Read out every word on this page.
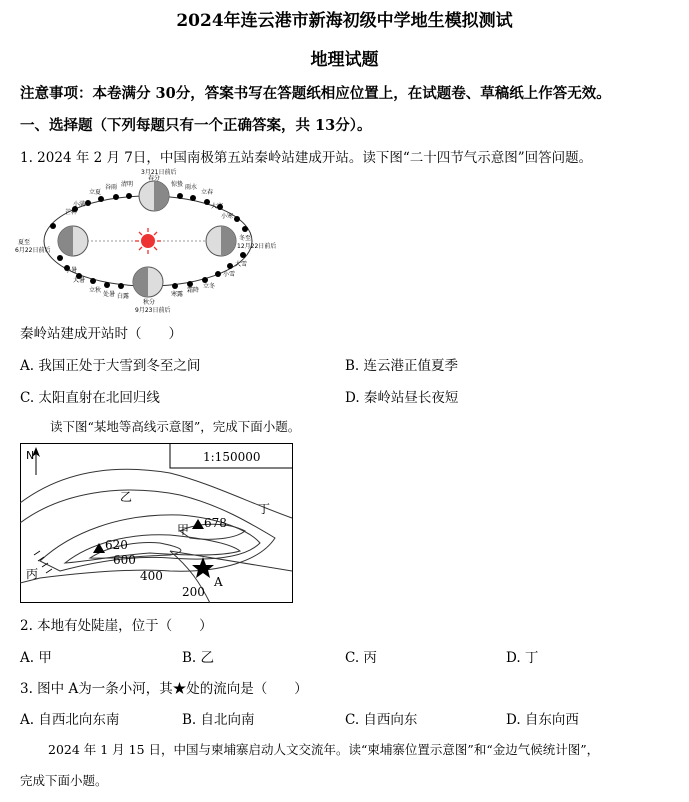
2024年连云港市新海初级中学地生模拟测试
地理试题
注意事项：本卷满分 30分，答案书写在答题纸相应位置上，在试题卷、草稿纸上作答无效。
一、选择题（下列每题只有一个正确答案，共 13分）。
1. 2024 年 2 月 7日，中国南极第五站秦岭站建成开站。读下图“二十四节气示意图”回答问题。
3月21日前后
春分
夏至
6月22日前后
冬至
12月22日前后
秋分
9月23日前后
立夏
谷雨 清明	惊蛰 雨水
立春
芒种
小满	大寒
小寒
小暑
大暑
大雪
小雪
立秋
处暑 白露	寒露
霜降
立冬
秦岭站建成开站时（　　）
A. 我国正处于大雪到冬至之间	B. 连云港正值夏季
C. 太阳直射在北回归线	D. 秦岭站昼长夜短
读下图“某地等高线示意图”，完成下面小题。
1:150000
N
乙
甲 678
丁
620
600
丙	400
200
A
2. 本地有处陡崖，位于（　　）
A. 甲	B. 乙	C. 丙	D. 丁
3. 图中 A为一条小河，其★处的流向是（　　）
A. 自西北向东南	B. 自北向南	C. 自西向东	D. 自东向西
2024 年 1 月 15 日，中国与柬埔寨启动人文交流年。读“柬埔寨位置示意图”和“金边气候统计图”，
完成下面小题。
